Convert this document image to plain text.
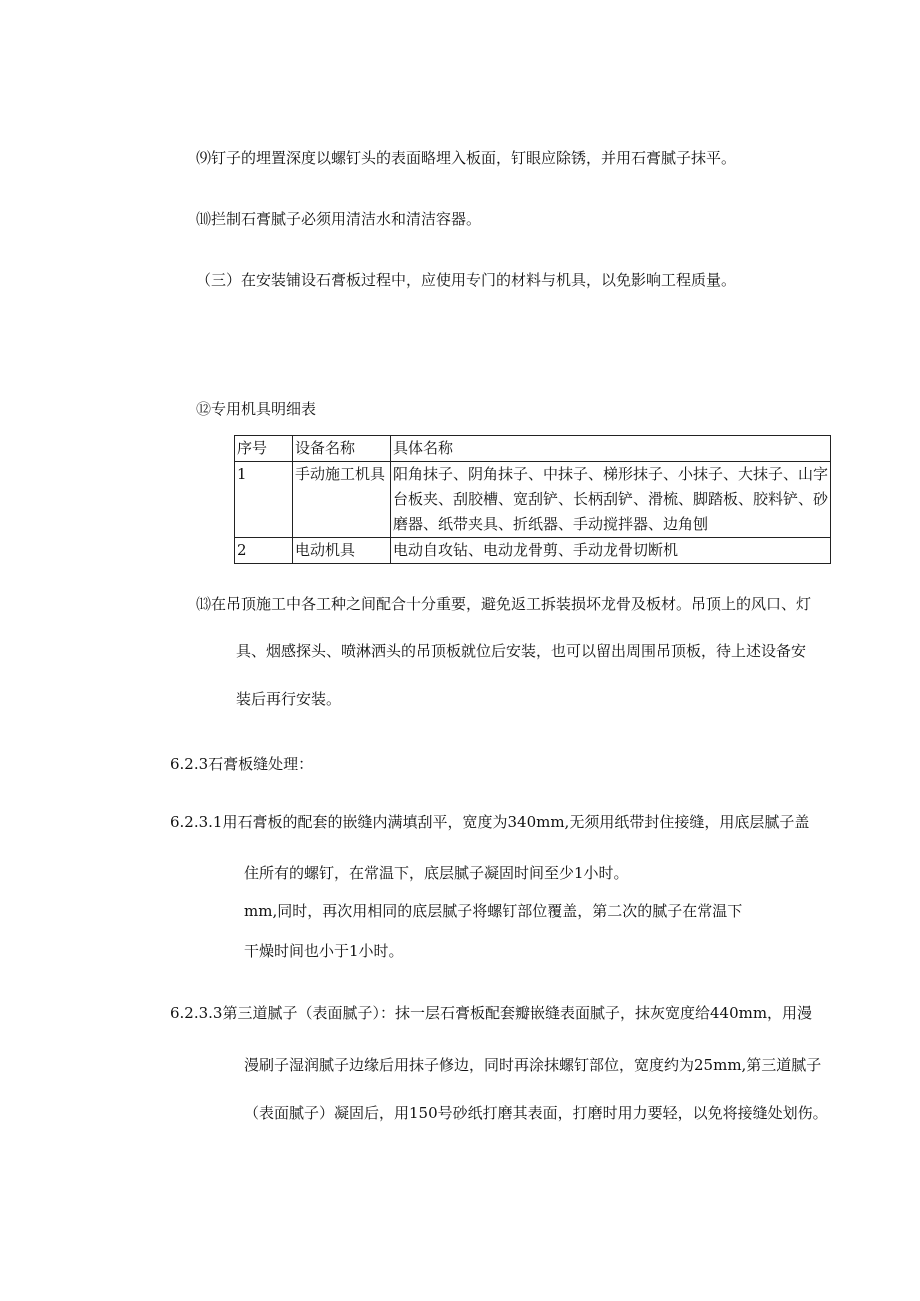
⑼钉子的埋置深度以螺钉头的表面略埋入板面，钉眼应除锈，并用石膏腻子抹平。
⑽拦制石膏腻子必须用清洁水和清洁容器。
（三）在安装铺设石膏板过程中，应使用专门的材料与机具，以免影响工程质量。
⑫专用机具明细表
序号	设备名称	具体名称
1	手动施工机具	阳角抹子、阴角抹子、中抹子、梯形抹子、小抹子、大抹子、山字台板夹、刮胶槽、宽刮铲、长柄刮铲、滑梳、脚踏板、胶料铲、砂磨器、纸带夹具、折纸器、手动搅拌器、边角刨
2	电动机具	电动自攻钻、电动龙骨剪、手动龙骨切断机
⒀在吊顶施工中各工种之间配合十分重要，避免返工拆装损坏龙骨及板材。吊顶上的风口、灯
具、烟感探头、喷淋洒头的吊顶板就位后安装，也可以留出周围吊顶板，待上述设备安
装后再行安装。
6.2.3石膏板缝处理：
6.2.3.1用石膏板的配套的嵌缝内满填刮平，宽度为340mm,无须用纸带封住接缝，用底层腻子盖
住所有的螺钉，在常温下，底层腻子凝固时间至少1小时。
mm,同时，再次用相同的底层腻子将螺钉部位覆盖，第二次的腻子在常温下
干燥时间也小于1小时。
6.2.3.3第三道腻子（表面腻子）：抹一层石膏板配套瓣嵌缝表面腻子，抹灰宽度给440mm，用漫
漫刷子湿润腻子边缘后用抹子修边，同时再涂抹螺钉部位，宽度约为25mm,第三道腻子
（表面腻子）凝固后，用150号砂纸打磨其表面，打磨时用力要轻，以免将接缝处划伤。
